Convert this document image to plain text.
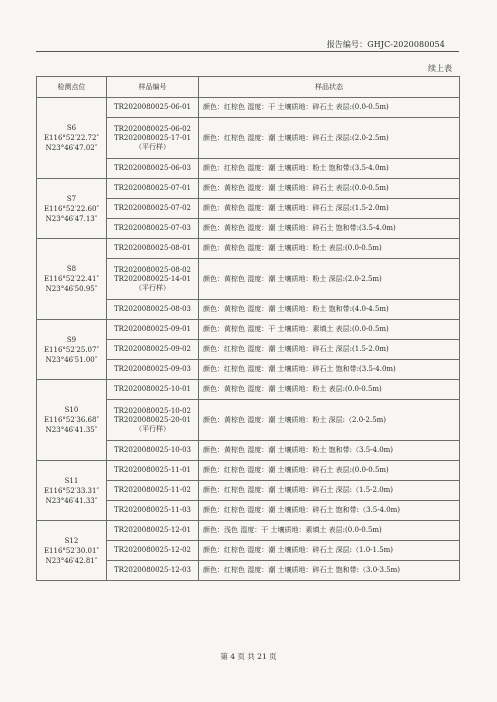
报告编号：GHJC-2020080054
续上表
检测点位	样品编号	样品状态

S6
E116°52′22.72″
N23°46′47.02″	TR2020080025-06-01	颜色：红棕色 湿度：干 土壤质地：碎石土 表层:(0.0-0.5m)

	TR2020080025-06-02
TR2020080025-17-01
（平行样）	颜色：红棕色 湿度：潮 土壤质地：碎石土 深层:(2.0-2.5m)

	TR2020080025-06-03	颜色：红棕色 湿度：潮 土壤质地：粉土 饱和带:(3.5-4.0m)

S7
E116°52′22.60″
N23°46′47.13″	TR2020080025-07-01	颜色：黄棕色 湿度：潮 土壤质地：碎石土 表层:(0.0-0.5m)

	TR2020080025-07-02	颜色：黄棕色 湿度：潮 土壤质地：碎石土 深层:(1.5-2.0m)

	TR2020080025-07-03	颜色：黄棕色 湿度：潮 土壤质地：碎石土 饱和带:(3.5-4.0m)

S8
E116°52′22.41″
N23°46′50.95″	TR2020080025-08-01	颜色：黄棕色 湿度：潮 土壤质地：粉土 表层:(0.0-0.5m)

	TR2020080025-08-02
TR2020080025-14-01
（平行样）	颜色：黄棕色 湿度：潮 土壤质地：粉土 深层:(2.0-2.5m)

	TR2020080025-08-03	颜色：黄棕色 湿度：潮 土壤质地：粉土 饱和带:(4.0-4.5m)

S9
E116°52′25.07″
N23°46′51.00″	TR2020080025-09-01	颜色：黄棕色 湿度：干 土壤质地：素填土 表层:(0.0-0.5m)

	TR2020080025-09-02	颜色：红棕色 湿度：潮 土壤质地：碎石土 深层:(1.5-2.0m)

	TR2020080025-09-03	颜色：红棕色 湿度：潮 土壤质地：碎石土 饱和带:(3.5-4.0m)

S10
E116°52′36.68″
N23°46′41.35″	TR2020080025-10-01	颜色：黄棕色 湿度：潮 土壤质地：粉土 表层:(0.0-0.5m)

	TR2020080025-10-02
TR2020080025-20-01
（平行样）	颜色：黄棕色 湿度：潮 土壤质地：粉土 深层:（2.0-2.5m)

	TR2020080025-10-03	颜色：黄棕色 湿度：潮 土壤质地：粉土 饱和带:（3.5-4.0m)

S11
E116°52′33.31″
N23°46′41.33″	TR2020080025-11-01	颜色：红棕色 湿度：潮 土壤质地：碎石土 表层:(0.0-0.5m)

	TR2020080025-11-02	颜色：红棕色 湿度：潮 土壤质地：碎石土 深层:（1.5-2.0m)

	TR2020080025-11-03	颜色：红棕色 湿度：潮 土壤质地：碎石土 饱和带:（3.5-4.0m)

S12
E116°52′30.01″
N23°46′42.81″	TR2020080025-12-01	颜色：浅色 湿度：干 土壤质地：素填土 表层:(0.0-0.5m)

	TR2020080025-12-02	颜色：红棕色 湿度：潮 土壤质地：碎石土 深层:（1.0-1.5m)

	TR2020080025-12-03	颜色：红棕色 湿度：潮 土壤质地：碎石土 饱和带:（3.0-3.5m)
第 4 页 共 21 页
